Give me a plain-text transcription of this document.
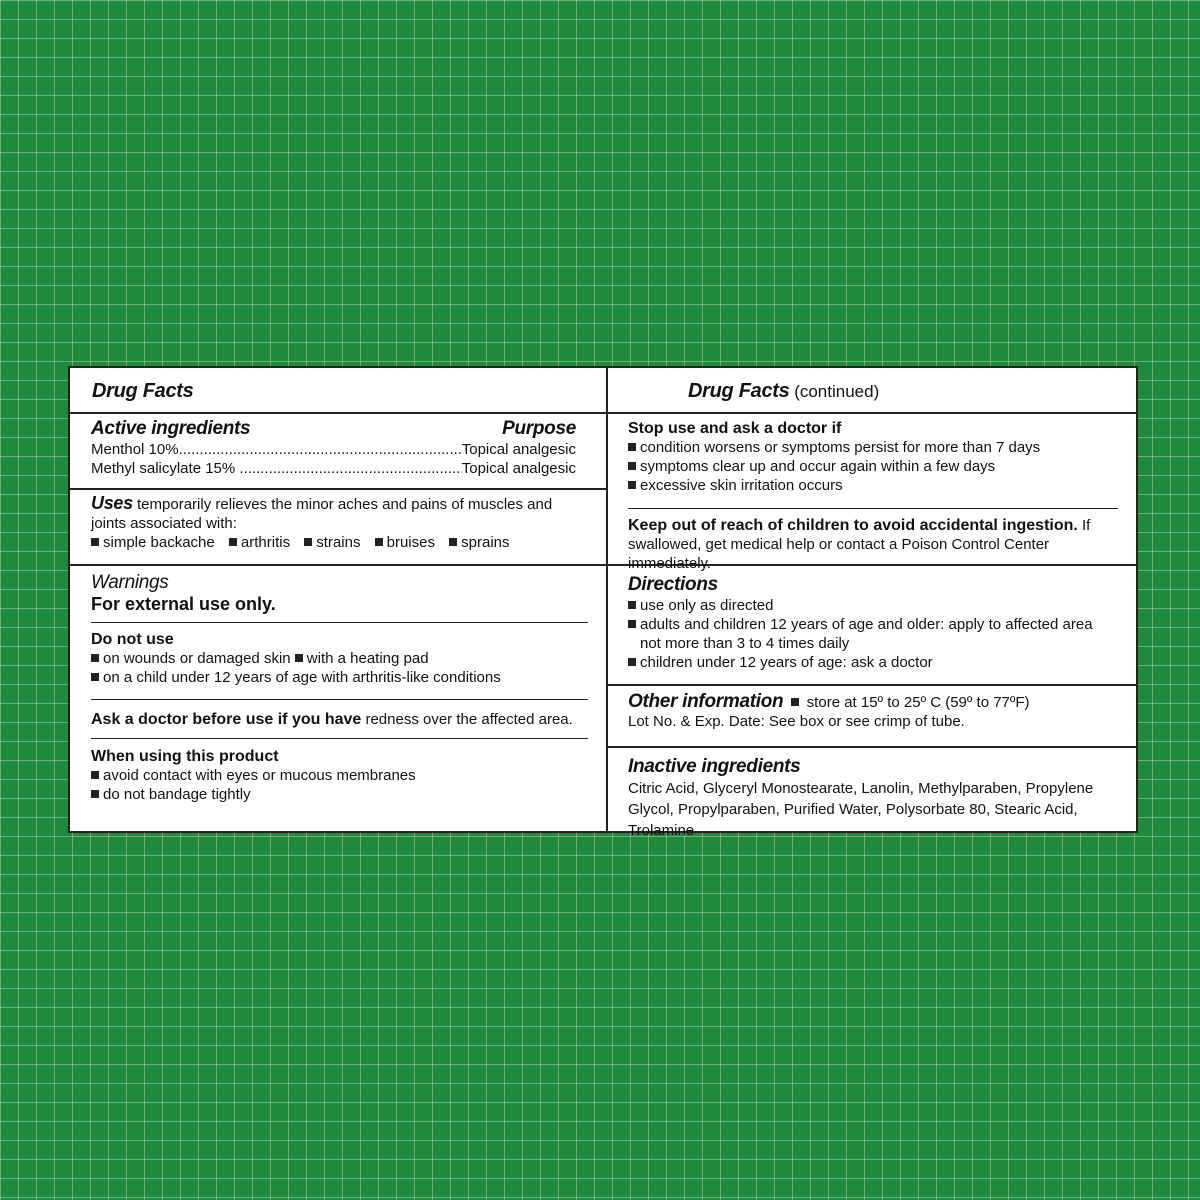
Drug Facts
Active ingredients	Purpose
Menthol 10% .....	Topical analgesic
Methyl salicylate 15% .....	Topical analgesic
Uses temporarily relieves the minor aches and pains of muscles and joints associated with:
simple backache arthritis strains bruises sprains
Warnings
For external use only.
Do not use
on wounds or damaged skin with a heating pad
on a child under 12 years of age with arthritis-like conditions
Ask a doctor before use if you have redness over the affected area.
When using this product
avoid contact with eyes or mucous membranes
do not bandage tightly
Drug Facts (continued)
Stop use and ask a doctor if
condition worsens or symptoms persist for more than 7 days
symptoms clear up and occur again within a few days
excessive skin irritation occurs
Keep out of reach of children to avoid accidental ingestion. If swallowed, get medical help or contact a Poison Control Center immediately.
Directions
use only as directed
adults and children 12 years of age and older: apply to affected area not more than 3 to 4 times daily
children under 12 years of age: ask a doctor
Other information  store at 15º to 25º C (59º to 77ºF)
Lot No. & Exp. Date: See box or see crimp of tube.
Inactive ingredients
Citric Acid, Glyceryl Monostearate, Lanolin, Methylparaben, Propylene Glycol, Propylparaben, Purified Water, Polysorbate 80, Stearic Acid, Trolamine
